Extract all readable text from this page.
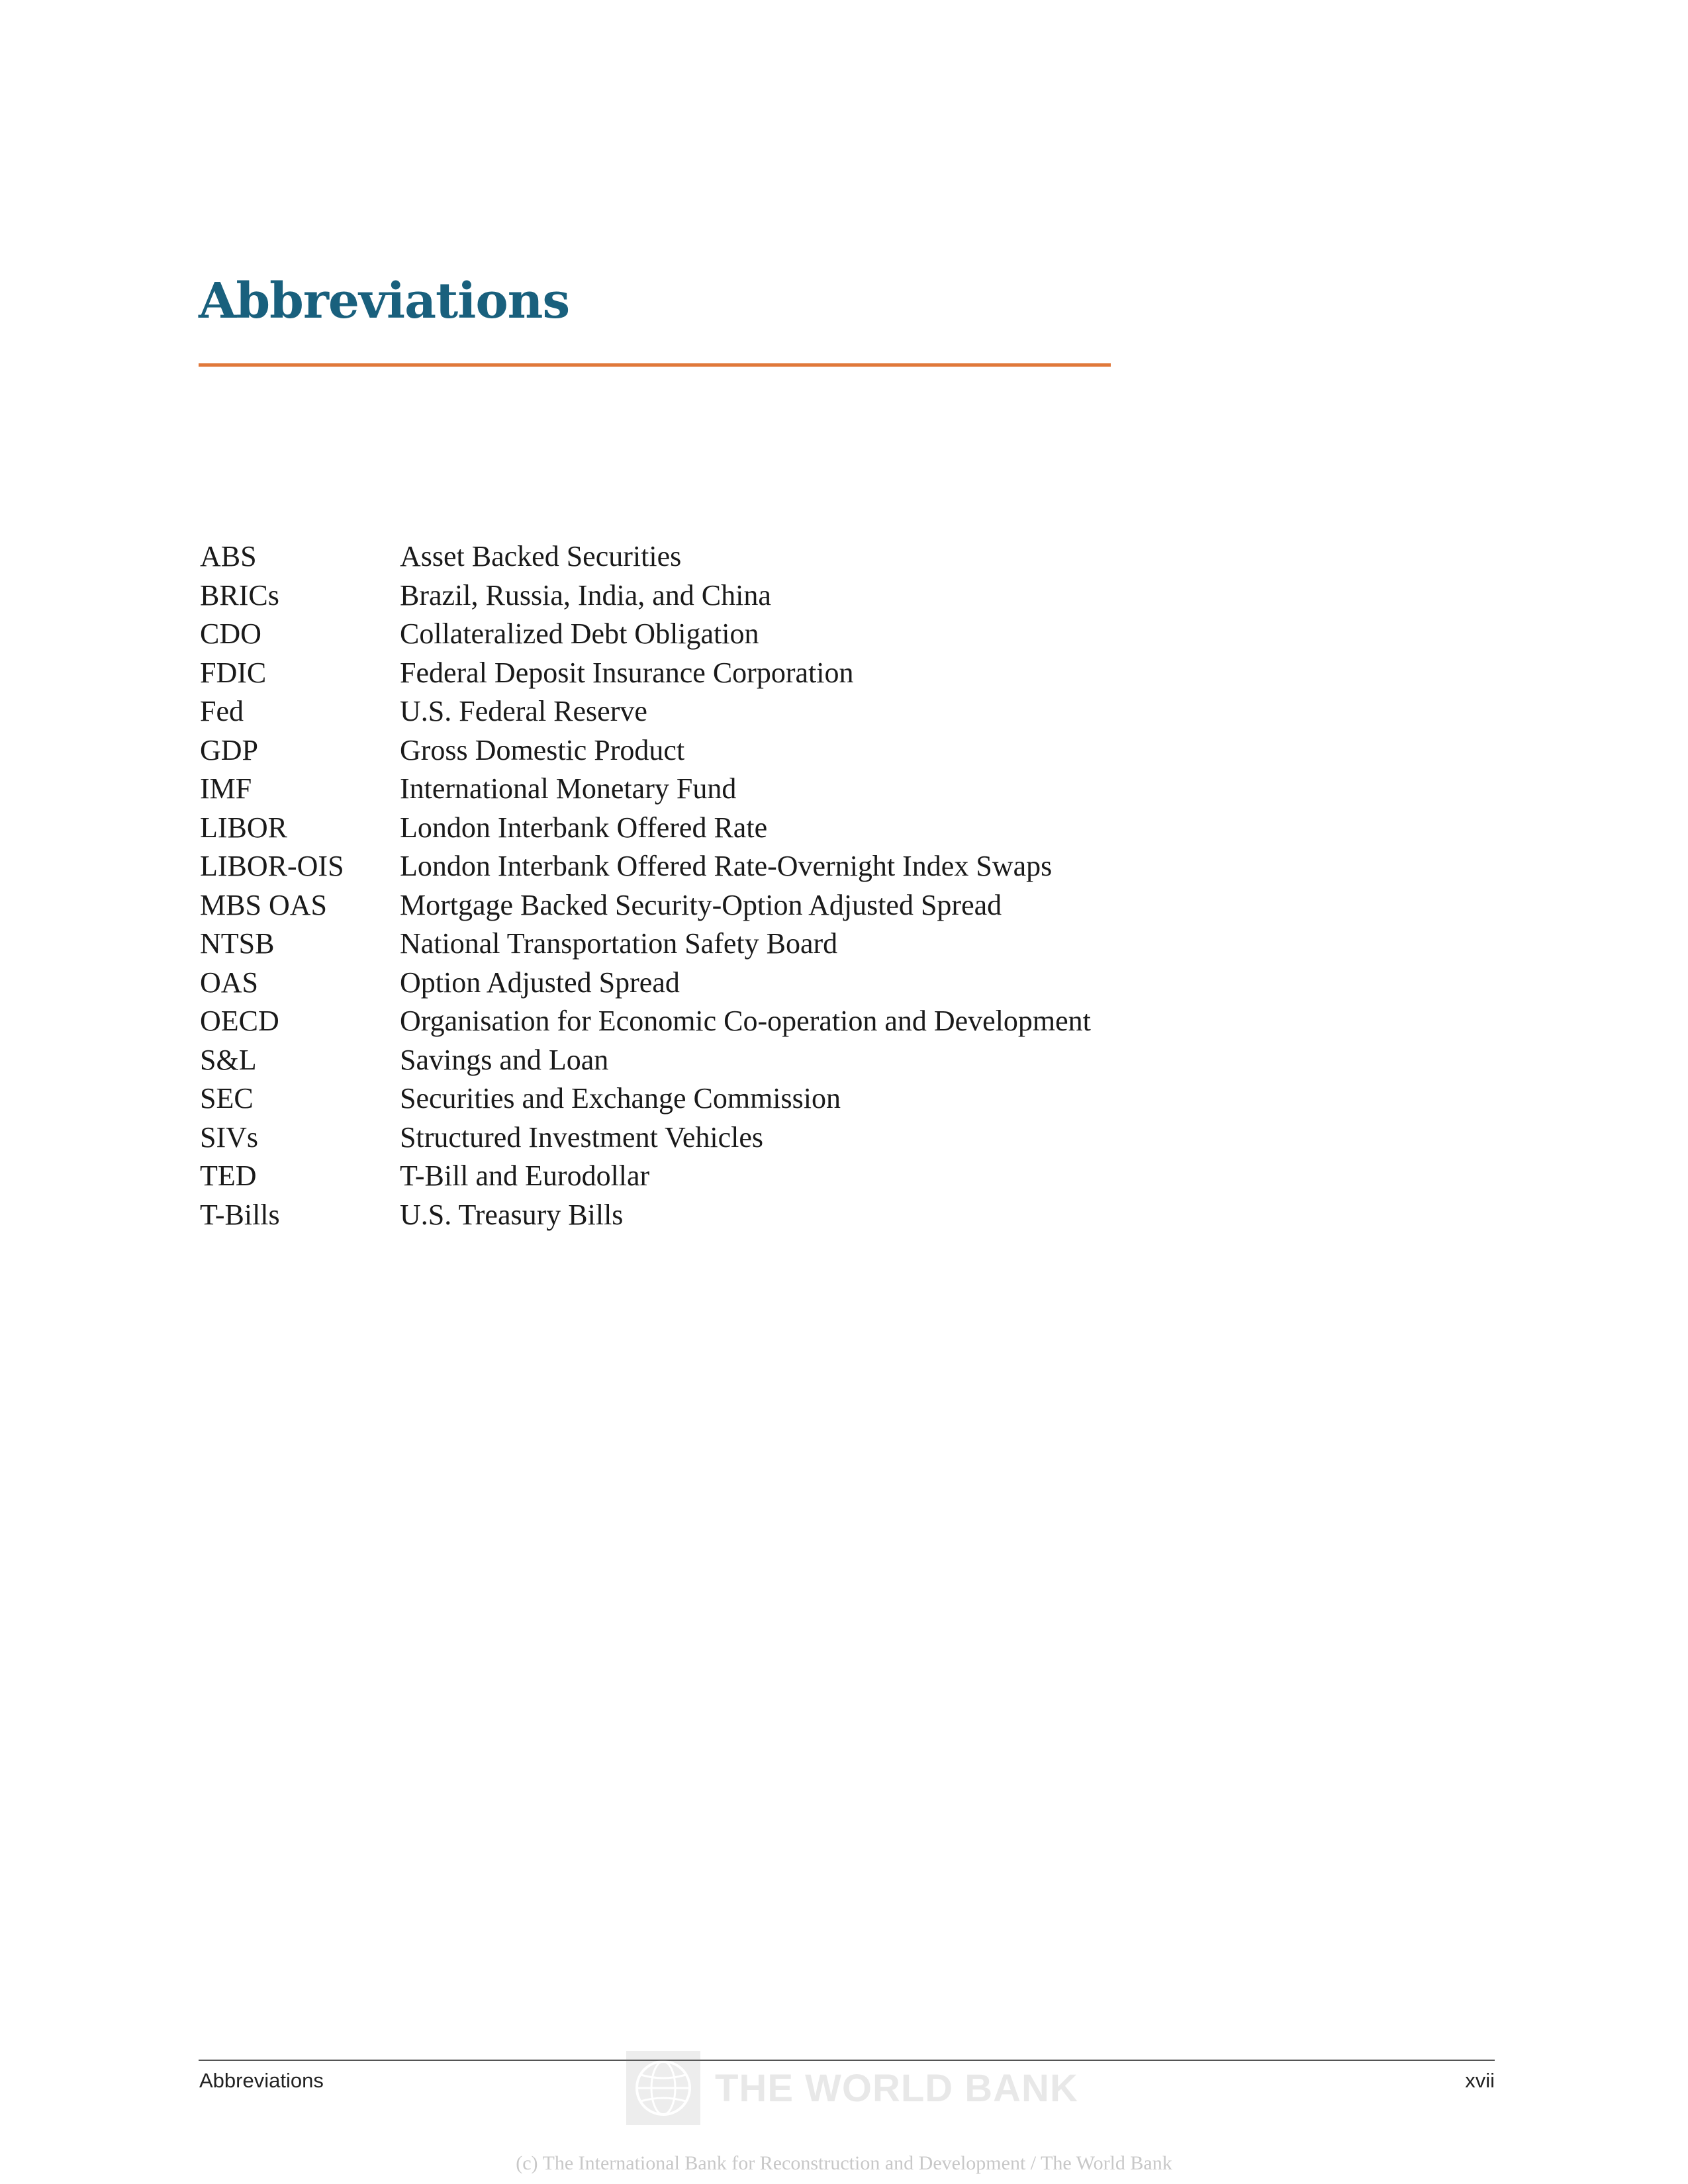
Abbreviations
ABS	Asset Backed Securities
BRICs	Brazil, Russia, India, and China
CDO	Collateralized Debt Obligation
FDIC	Federal Deposit Insurance Corporation
Fed	U.S. Federal Reserve
GDP	Gross Domestic Product
IMF	International Monetary Fund
LIBOR	London Interbank Offered Rate
LIBOR-OIS	London Interbank Offered Rate-Overnight Index Swaps
MBS OAS	Mortgage Backed Security-Option Adjusted Spread
NTSB	National Transportation Safety Board
OAS	Option Adjusted Spread
OECD	Organisation for Economic Co-operation and Development
S&L	Savings and Loan
SEC	Securities and Exchange Commission
SIVs	Structured Investment Vehicles
TED	T-Bill and Eurodollar
T-Bills	U.S. Treasury Bills
Abbreviations	xvii
THE WORLD BANK
(c) The International Bank for Reconstruction and Development / The World Bank
